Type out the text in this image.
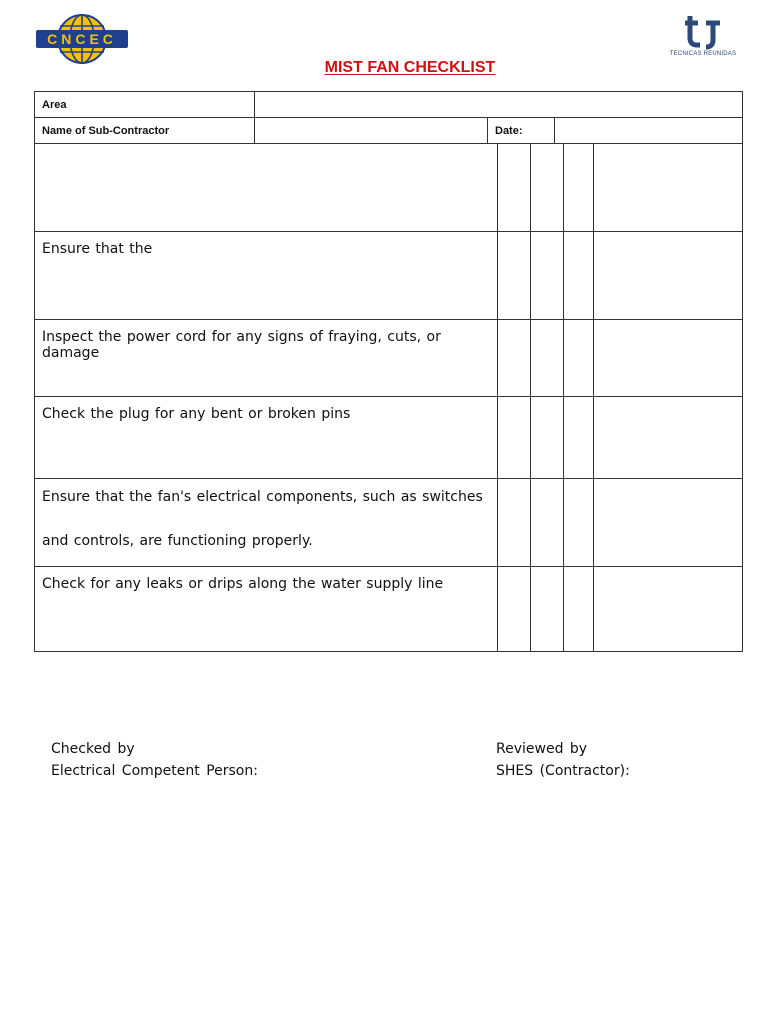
CNCEC
TECNICAS REUNIDAS
MIST FAN CHECKLIST
Area			
Name of Sub-Contractor		Date:	

Ensure that the				

Inspect the power cord for any signs of fraying, cuts, or damage				

Check the plug for any bent or broken pins				

Ensure that the fan's electrical components, such as switches
and controls, are functioning properly.				

Check for any leaks or drips along the water supply line				

Checked by
Electrical Competent Person:
Reviewed by
SHES (Contractor):
